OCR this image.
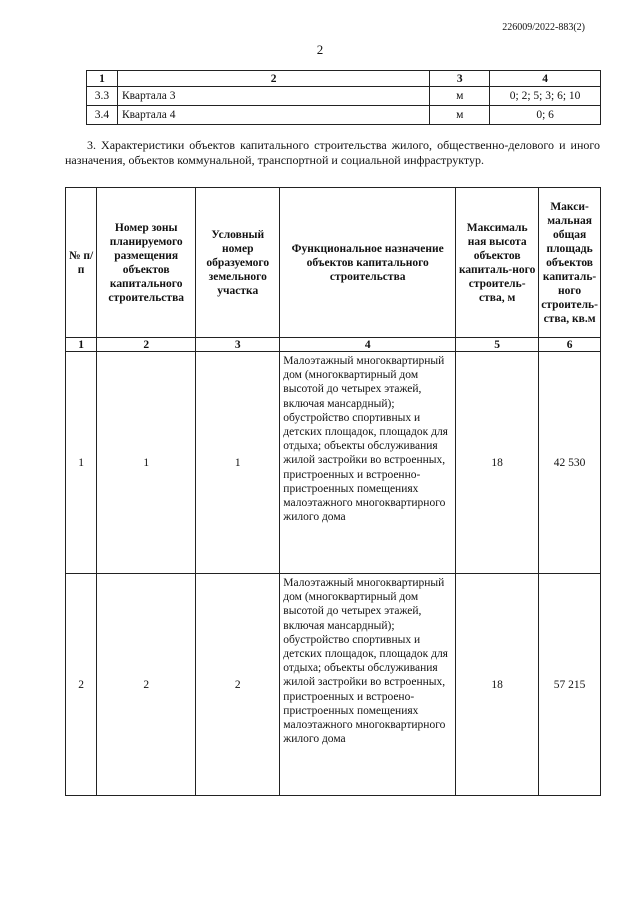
226009/2022-883(2)
2
1	2	3	4
3.3	Квартала 3	м	0; 2; 5; 3; 6; 10
3.4	Квартала 4	м	0; 6
3. Характеристики объектов капитального строительства жилого, общественно-делового и иного назначения, объектов коммунальной, транспортной и социальной инфраструктур.
№ п/п	Номер зоны планируемого размещения объектов капитального строительства	Условный номер образуемого земельного участка	Функциональное назначение объектов капитального строительства	Максималь ная высота объектов капиталь-ного строитель-ства, м	Макси-мальная общая площадь объектов капиталь-ного строитель-ства, кв.м
1	2	3	4	5	6
1	1	1	Малоэтажный многоквартирный дом (многоквартирный дом высотой до четырех этажей, включая мансардный); обустройство спортивных и детских площадок, площадок для отдыха; объекты обслуживания жилой застройки во встроенных, пристроенных и встроенно-пристроенных помещениях малоэтажного многоквартирного жилого дома	18	42 530
2	2	2	Малоэтажный многоквартирный дом (многоквартирный дом высотой до четырех этажей, включая мансардный); обустройство спортивных и детских площадок, площадок для отдыха; объекты обслуживания жилой застройки во встроенных, пристроенных и встроено-пристроенных помещениях малоэтажного многоквартирного жилого дома	18	57 215
